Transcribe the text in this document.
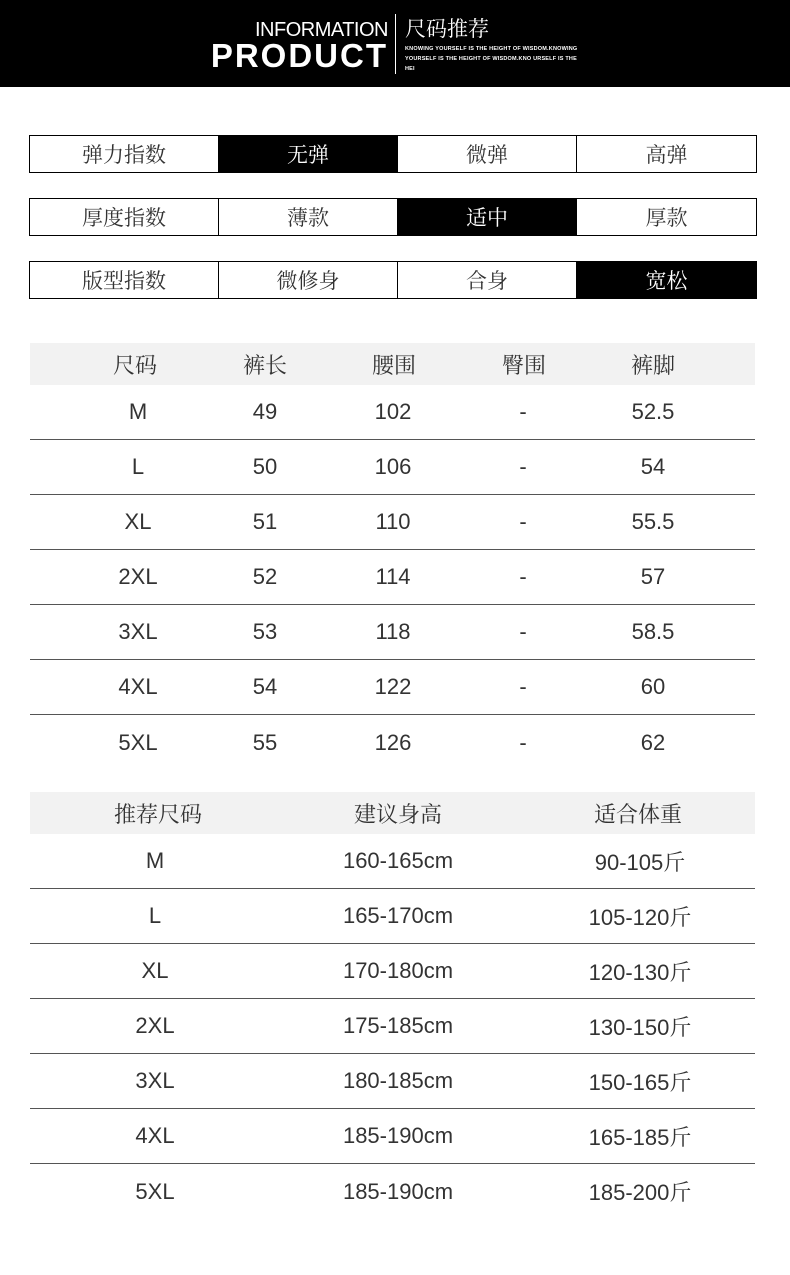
INFORMATION
PRODUCT
尺码推荐
KNOWING YOURSELF IS THE HEIGHT OF WISDOM.KNOWING YOURSELF IS THE HEIGHT OF WISDOM.KNO URSELF IS THE HEI
弹力指数	无弹	微弹	高弹
厚度指数	薄款	适中	厚款
版型指数	微修身	合身	宽松
尺码	裤长	腰围	臀围	裤脚
M	49	102	-	52.5
L	50	106	-	54
XL	51	110	-	55.5
2XL	52	114	-	57
3XL	53	118	-	58.5
4XL	54	122	-	60
5XL	55	126	-	62
推荐尺码	建议身高	适合体重
M	160-165cm	90-105斤
L	165-170cm	105-120斤
XL	170-180cm	120-130斤
2XL	175-185cm	130-150斤
3XL	180-185cm	150-165斤
4XL	185-190cm	165-185斤
5XL	185-190cm	185-200斤
